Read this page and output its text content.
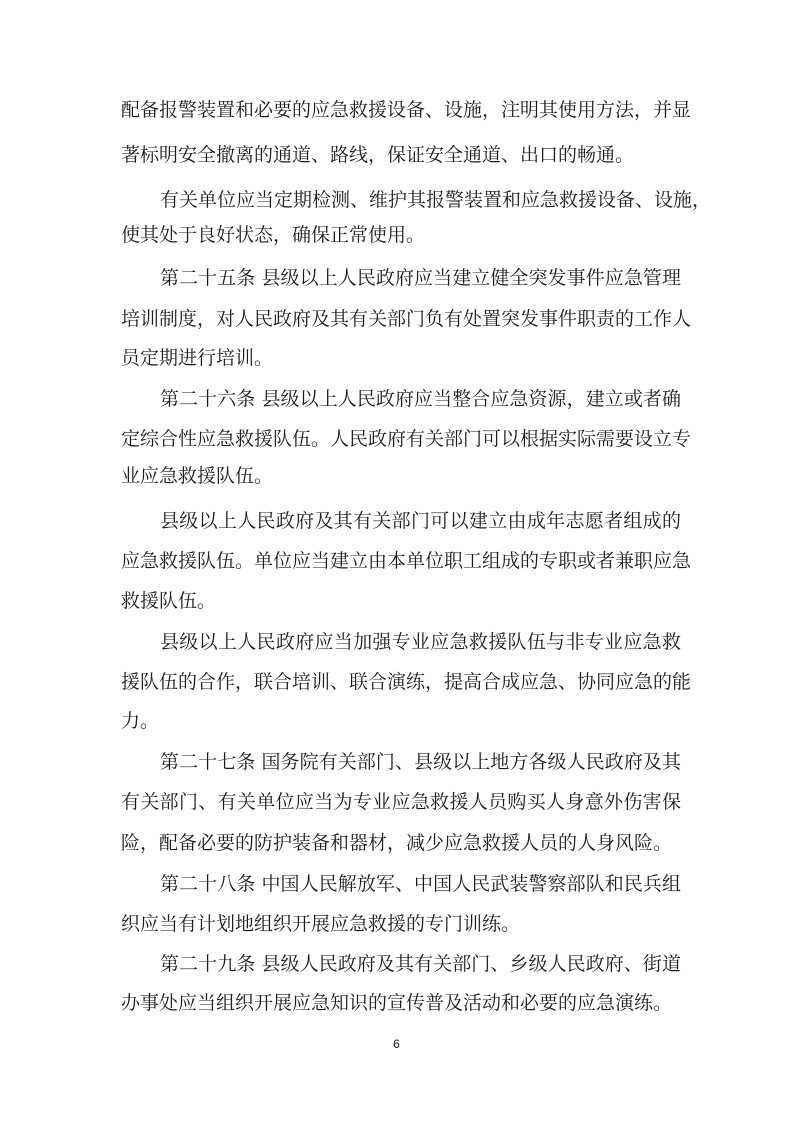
配备报警装置和必要的应急救援设备、设施，注明其使用方法，并显
著标明安全撤离的通道、路线，保证安全通道、出口的畅通。
有关单位应当定期检测、维护其报警装置和应急救援设备、设施，
使其处于良好状态，确保正常使用。
第二十五条 县级以上人民政府应当建立健全突发事件应急管理
培训制度，对人民政府及其有关部门负有处置突发事件职责的工作人
员定期进行培训。
第二十六条 县级以上人民政府应当整合应急资源，建立或者确
定综合性应急救援队伍。人民政府有关部门可以根据实际需要设立专
业应急救援队伍。
县级以上人民政府及其有关部门可以建立由成年志愿者组成的
应急救援队伍。单位应当建立由本单位职工组成的专职或者兼职应急
救援队伍。
县级以上人民政府应当加强专业应急救援队伍与非专业应急救
援队伍的合作，联合培训、联合演练，提高合成应急、协同应急的能
力。
第二十七条 国务院有关部门、县级以上地方各级人民政府及其
有关部门、有关单位应当为专业应急救援人员购买人身意外伤害保
险，配备必要的防护装备和器材，减少应急救援人员的人身风险。
第二十八条 中国人民解放军、中国人民武装警察部队和民兵组
织应当有计划地组织开展应急救援的专门训练。
第二十九条 县级人民政府及其有关部门、乡级人民政府、街道
办事处应当组织开展应急知识的宣传普及活动和必要的应急演练。
6
